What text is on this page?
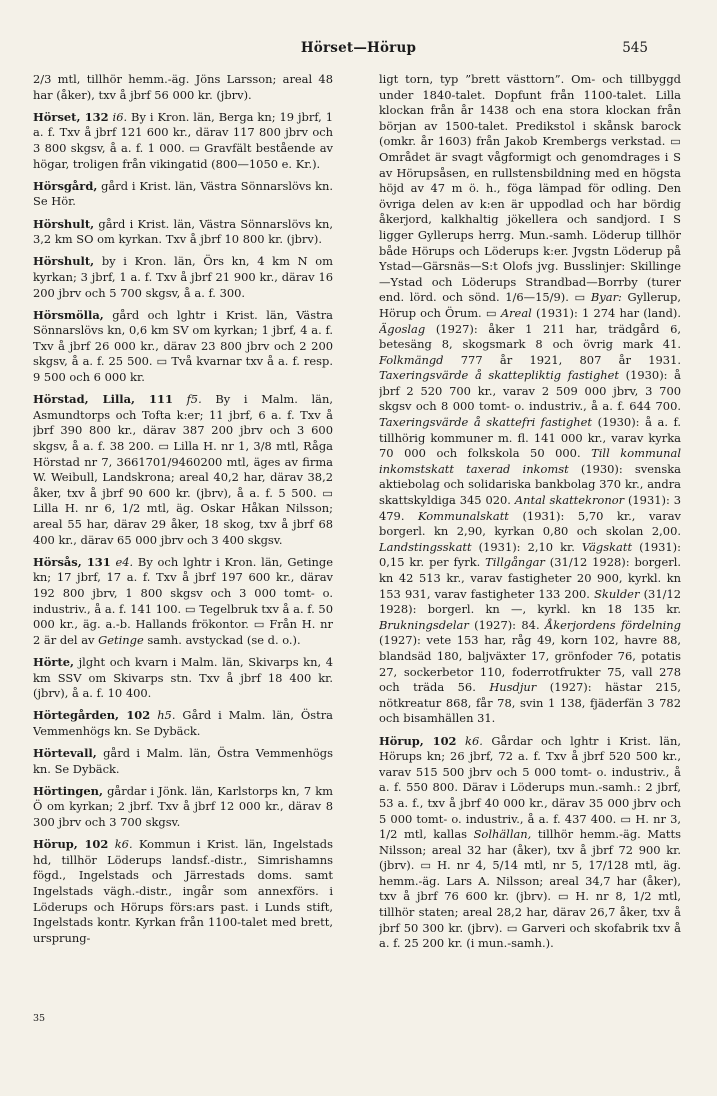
Hörset—Hörup	545

2/3 mtl, tillhör hemm.-äg. Jöns Larsson; areal 48 har (åker), txv å jbrf 56 000 kr. (jbrv).

Hörset, 132 i6. By i Kron. län, Berga kn; 19 jbrf, 1 a. f. Txv å jbrf 121 600 kr., därav 117 800 jbrv och 3 800 skgsv, å a. f. 1 000. ▭ Gravfält bestående av högar, troligen från vikingatid (800—1050 e. Kr.).

Hörsgård, gård i Krist. län, Västra Sönnarslövs kn. Se Hör.

Hörshult, gård i Krist. län, Västra Sönnarslövs kn, 3,2 km SO om kyrkan. Txv å jbrf 10 800 kr. (jbrv).

Hörshult, by i Kron. län, Örs kn, 4 km N om kyrkan; 3 jbrf, 1 a. f. Txv å jbrf 21 900 kr., därav 16 200 jbrv och 5 700 skgsv, å a. f. 300.

Hörsmölla, gård och lghtr i Krist. län, Västra Sönnarslövs kn, 0,6 km SV om kyrkan; 1 jbrf, 4 a. f. Txv å jbrf 26 000 kr., därav 23 800 jbrv och 2 200 skgsv, å a. f. 25 500. ▭ Två kvarnar txv å a. f. resp. 9 500 och 6 000 kr.

Hörstad, Lilla, 111 f5. By i Malm. län, Asmundtorps och Tofta k:er; 11 jbrf, 6 a. f. Txv å jbrf 390 800 kr., därav 387 200 jbrv och 3 600 skgsv, å a. f. 38 200. ▭ Lilla H. nr 1, 3/8 mtl, Råga Hörstad nr 7, 3661701/9460200 mtl, äges av firma W. Weibull, Landskrona; areal 40,2 har, därav 38,2 åker, txv å jbrf 90 600 kr. (jbrv), å a. f. 5 500. ▭ Lilla H. nr 6, 1/2 mtl, äg. Oskar Håkan Nilsson; areal 55 har, därav 29 åker, 18 skog, txv å jbrf 68 400 kr., därav 65 000 jbrv och 3 400 skgsv.

Hörsås, 131 e4. By och lghtr i Kron. län, Getinge kn; 17 jbrf, 17 a. f. Txv å jbrf 197 600 kr., därav 192 800 jbrv, 1 800 skgsv och 3 000 tomt- o. industriv., å a. f. 141 100. ▭ Tegelbruk txv å a. f. 50 000 kr., äg. a.-b. Hallands frökontor. ▭ Från H. nr 2 är del av Getinge samh. avstyckad (se d. o.).

Hörte, jlght och kvarn i Malm. län, Skivarps kn, 4 km SSV om Skivarps stn. Txv å jbrf 18 400 kr. (jbrv), å a. f. 10 400.

Hörtegården, 102 h5. Gård i Malm. län, Östra Vemmenhögs kn. Se Dybäck.

Hörtevall, gård i Malm. län, Östra Vemmenhögs kn. Se Dybäck.

Hörtingen, gårdar i Jönk. län, Karlstorps kn, 7 km Ö om kyrkan; 2 jbrf. Txv å jbrf 12 000 kr., därav 8 300 jbrv och 3 700 skgsv.

Hörup, 102 k6. Kommun i Krist. län, Ingelstads hd, tillhör Löderups landsf.-distr., Simrishamns fögd., Ingelstads och Järrestads doms. samt Ingelstads vägh.-distr., ingår som annexförs. i Löderups och Hörups förs:ars past. i Lunds stift, Ingelstads kontr. Kyrkan från 1100-talet med brett, ursprung-

ligt torn, typ ”brett västtorn”. Om- och tillbyggd under 1840-talet. Dopfunt från 1100-talet. Lilla klockan från år 1438 och ena stora klockan från början av 1500-talet. Predikstol i skånsk barock (omkr. år 1603) från Jakob Krembergs verkstad. ▭ Området är svagt vågformigt och genomdrages i S av Hörupsåsen, en rullstensbildning med en högsta höjd av 47 m ö. h., föga lämpad för odling. Den övriga delen av k:en är uppodlad och har bördig åkerjord, kalkhaltig jökellera och sandjord. I S ligger Gyllerups herrg. Mun.-samh. Löderup tillhör både Hörups och Löderups k:er. Jvgstn Löderup på Ystad—Gärsnäs—S:t Olofs jvg. Busslinjer: Skillinge—Ystad och Löderups Strandbad—Borrby (turer end. lörd. och sönd. 1/6—15/9). ▭ Byar: Gyllerup, Hörup och Örum. ▭ Areal (1931): 1 274 har (land). Ägoslag (1927): åker 1 211 har, trädgård 6, betesäng 8, skogsmark 8 och övrig mark 41. Folkmängd 777 år 1921, 807 år 1931. Taxeringsvärde å skattepliktig fastighet (1930): å jbrf 2 520 700 kr., varav 2 509 000 jbrv, 3 700 skgsv och 8 000 tomt- o. industriv., å a. f. 644 700. Taxeringsvärde å skattefri fastighet (1930): å a. f. tillhörig kommuner m. fl. 141 000 kr., varav kyrka 70 000 och folkskola 50 000. Till kommunal inkomstskatt taxerad inkomst (1930): svenska aktiebolag och solidariska bankbolag 370 kr., andra skattskyldiga 345 020. Antal skattekronor (1931): 3 479. Kommunalskatt (1931): 5,70 kr., varav borgerl. kn 2,90, kyrkan 0,80 och skolan 2,00. Landstingsskatt (1931): 2,10 kr. Vägskatt (1931): 0,15 kr. per fyrk. Tillgångar (31/12 1928): borgerl. kn 42 513 kr., varav fastigheter 20 900, kyrkl. kn 153 931, varav fastigheter 133 200. Skulder (31/12 1928): borgerl. kn —, kyrkl. kn 18 135 kr. Brukningsdelar (1927): 84. Åkerjordens fördelning (1927): vete 153 har, råg 49, korn 102, havre 88, blandsäd 180, baljväxter 17, grönfoder 76, potatis 27, sockerbetor 110, foderrotfrukter 75, vall 278 och träda 56. Husdjur (1927): hästar 215, nötkreatur 868, får 78, svin 1 138, fjäderfän 3 782 och bisamhällen 31.

Hörup, 102 k6. Gårdar och lghtr i Krist. län, Hörups kn; 26 jbrf, 72 a. f. Txv å jbrf 520 500 kr., varav 515 500 jbrv och 5 000 tomt- o. industriv., å a. f. 550 800. Därav i Löderups mun.-samh.: 2 jbrf, 53 a. f., txv å jbrf 40 000 kr., därav 35 000 jbrv och 5 000 tomt- o. industriv., å a. f. 437 400. ▭ H. nr 3, 1/2 mtl, kallas Solhällan, tillhör hemm.-äg. Matts Nilsson; areal 32 har (åker), txv å jbrf 72 900 kr. (jbrv). ▭ H. nr 4, 5/14 mtl, nr 5, 17/128 mtl, äg. hemm.-äg. Lars A. Nilsson; areal 34,7 har (åker), txv å jbrf 76 600 kr. (jbrv). ▭ H. nr 8, 1/2 mtl, tillhör staten; areal 28,2 har, därav 26,7 åker, txv å jbrf 50 300 kr. (jbrv). ▭ Garveri och skofabrik txv å a. f. 25 200 kr. (i mun.-samh.).

35
